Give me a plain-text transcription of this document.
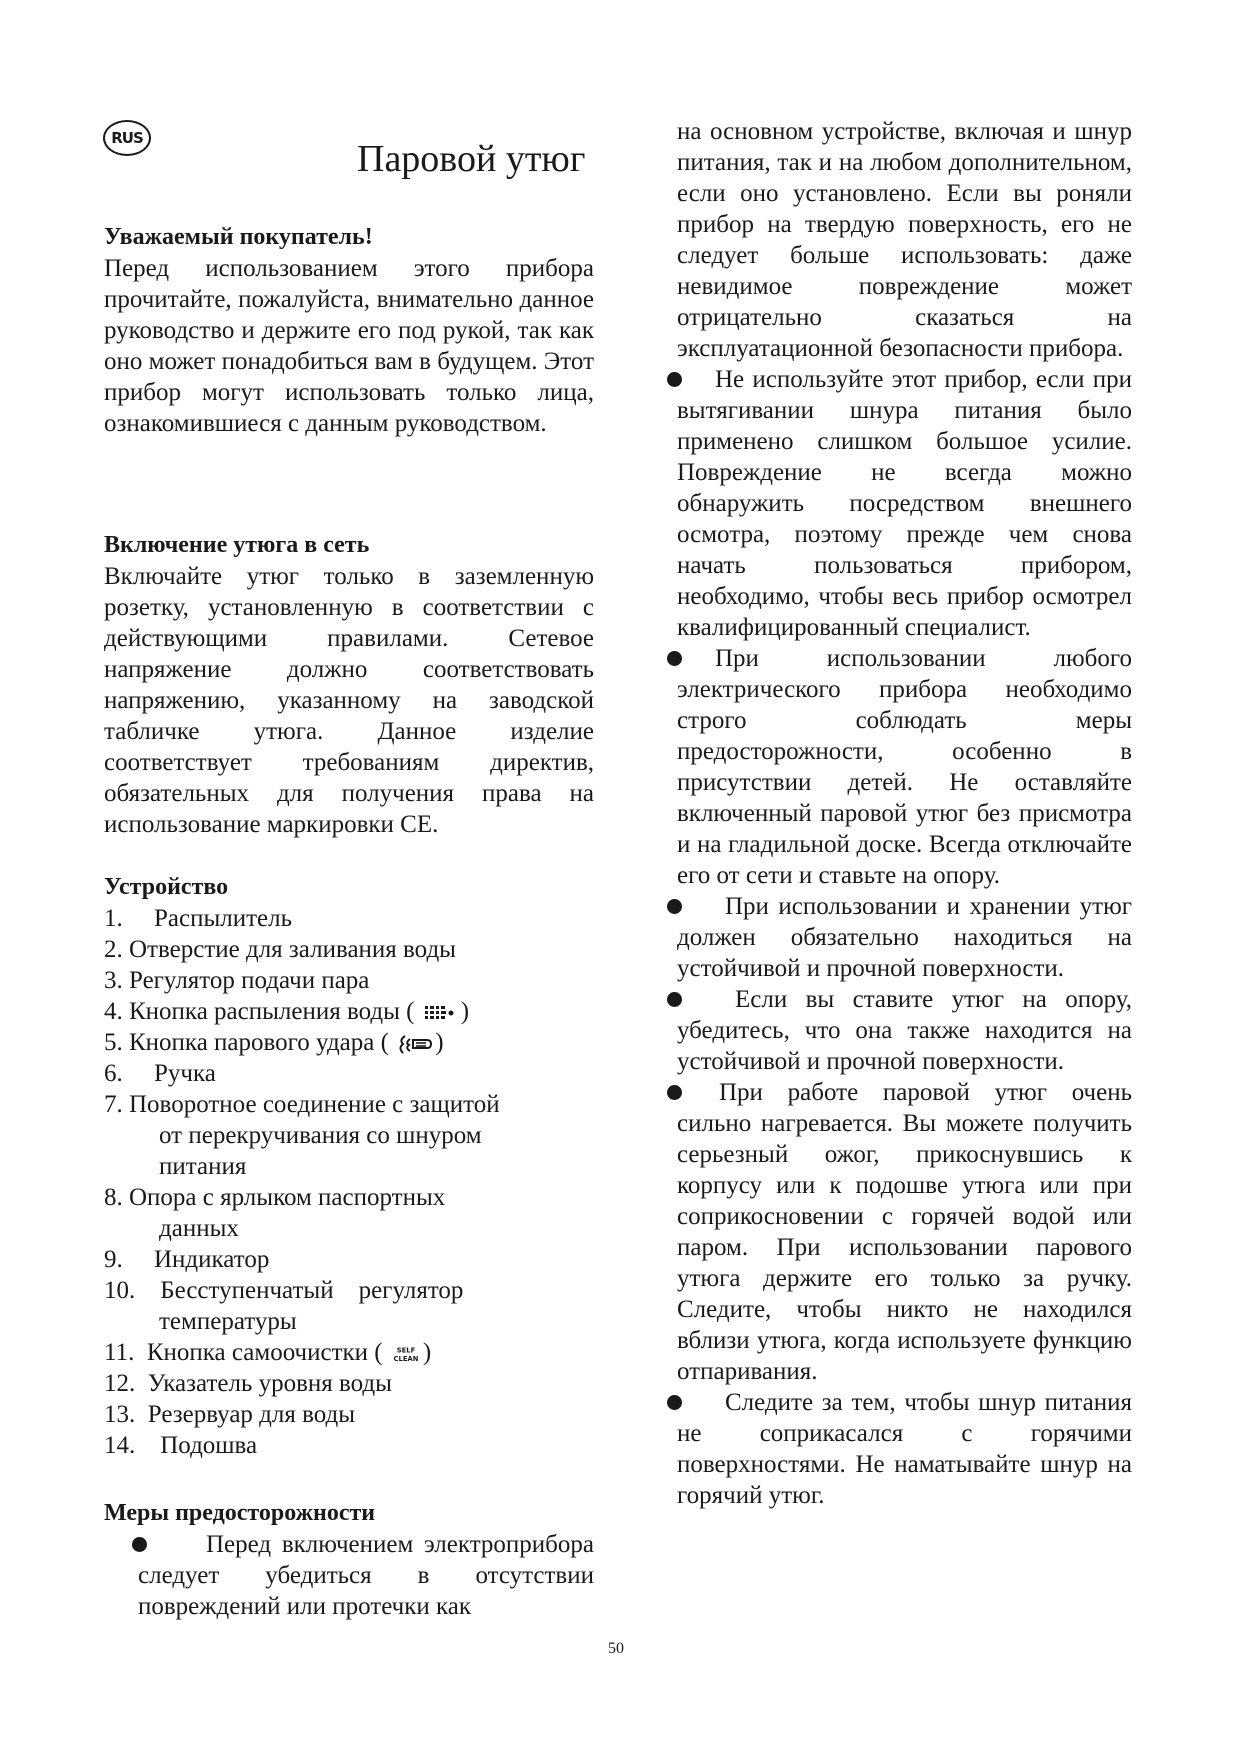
RUS
Паровой утюг

Уважаемый покупатель!

Перед использованием этого прибора прочитайте, пожалуйста, внимательно данное руководство и держите его под рукой, так как оно может понадобиться вам в будущем. Этот прибор могут использовать только лица, ознакомившиеся с данным руководством.

Включение утюга в сеть

Включайте утюг только в заземленную розетку, установленную в соответствии с действующими правилами. Сетевое напряжение должно соответствовать напряжению, указанному на заводской табличке утюга. Данное изделие соответствует требованиям директив, обязательных для получения права на использование маркировки CE.

Устройство

1. Распылитель
2. Отверстие для заливания воды
3. Регулятор подачи пара
4. Кнопка распыления воды ( )
5. Кнопка парового удара ( )
6. Ручка
7. Поворотное соединение с защитой
от перекручивания со шнуром
питания
8. Опора с ярлыком паспортных
данных
9. Индикатор
10. Бесступенчатый    регулятор
температуры
11. Кнопка самоочистки ( SELF
CLEAN )
12. Указатель уровня воды
13. Резервуар для воды
14. Подошва

Меры предосторожности

Перед включением электроприбора следует убедиться в отсутствии повреждений или протечки как

на основном устройстве, включая и шнур питания, так и на любом дополнительном, если оно установлено. Если вы роняли прибор на твердую поверхность, его не следует больше использовать: даже невидимое повреждение может отрицательно сказаться на эксплуатационной безопасности прибора.

Не используйте этот прибор, если при вытягивании шнура питания было применено слишком большое усилие. Повреждение не всегда можно обнаружить посредством внешнего осмотра, поэтому прежде чем снова начать пользоваться прибором, необходимо, чтобы весь прибор осмотрел квалифицированный специалист.

При использовании любого электрического прибора необходимо строго соблюдать меры предосторожности, особенно в присутствии детей. Не оставляйте включенный паровой утюг без присмотра и на гладильной доске. Всегда отключайте его от сети и ставьте на опору.

При использовании и хранении утюг должен обязательно находиться на устойчивой и прочной поверхности.

Если вы ставите утюг на опору, убедитесь, что она также находится на устойчивой и прочной поверхности.

При работе паровой утюг очень сильно нагревается. Вы можете получить серьезный ожог, прикоснувшись к корпусу или к подошве утюга или при соприкосновении с горячей водой или паром. При использовании парового утюга держите его только за ручку. Следите, чтобы никто не находился вблизи утюга, когда используете функцию отпаривания.

Следите за тем, чтобы шнур питания не соприкасался с горячими поверхностями. Не наматывайте шнур на горячий утюг.

50
